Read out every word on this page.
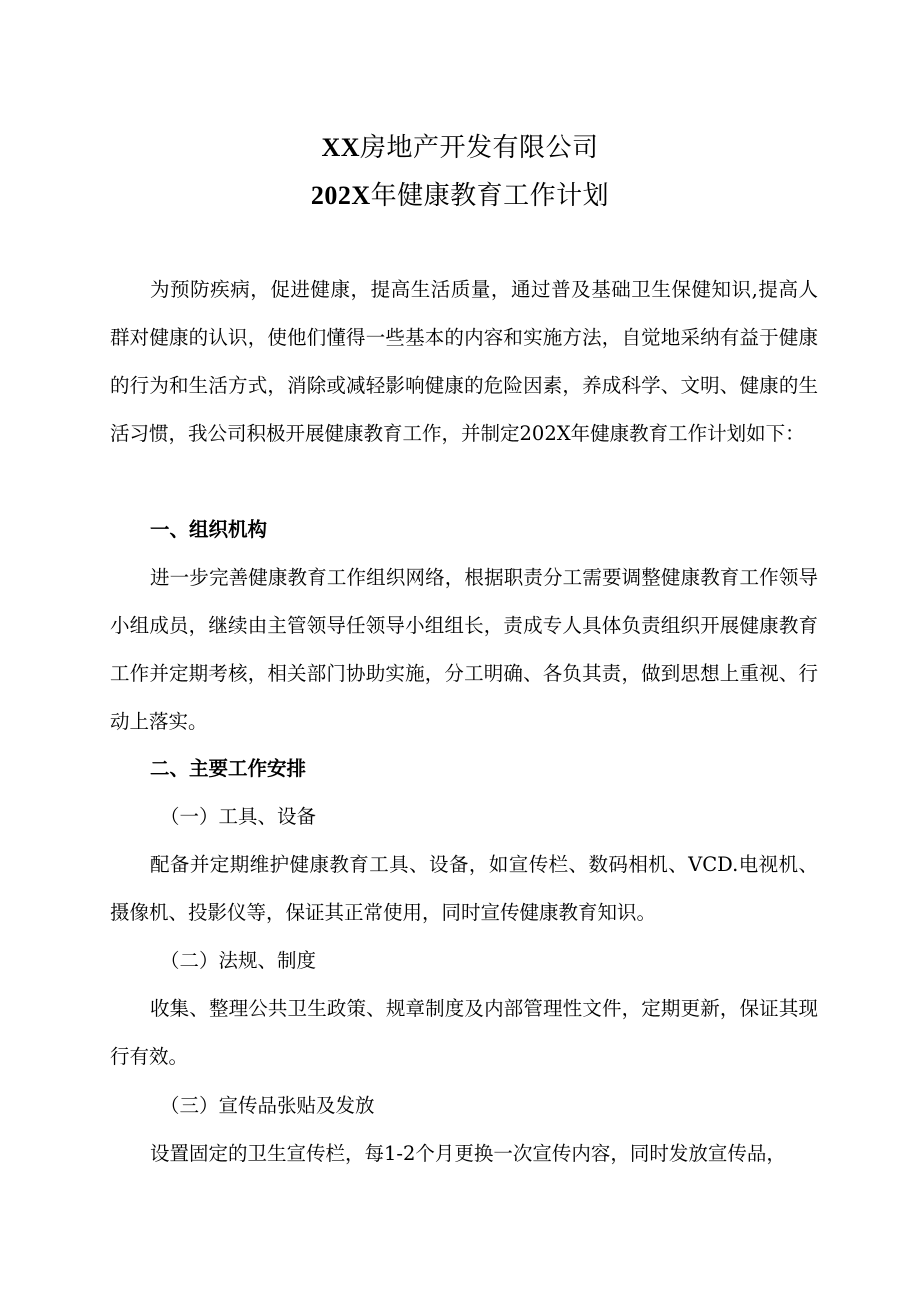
XX房地产开发有限公司
202X年健康教育工作计划

为预防疾病，促进健康，提高生活质量，通过普及基础卫生保健知识,提高人群对健康的认识，使他们懂得一些基本的内容和实施方法，自觉地采纳有益于健康的行为和生活方式，消除或减轻影响健康的危险因素，养成科学、文明、健康的生活习惯，我公司积极开展健康教育工作，并制定202X年健康教育工作计划如下：

一、组织机构

进一步完善健康教育工作组织网络，根据职责分工需要调整健康教育工作领导小组成员，继续由主管领导任领导小组组长，责成专人具体负责组织开展健康教育工作并定期考核，相关部门协助实施，分工明确、各负其责，做到思想上重视、行动上落实。

二、主要工作安排

（一）工具、设备

配备并定期维护健康教育工具、设备，如宣传栏、数码相机、VCD.电视机、摄像机、投影仪等，保证其正常使用，同时宣传健康教育知识。

（二）法规、制度

收集、整理公共卫生政策、规章制度及内部管理性文件，定期更新，保证其现行有效。

（三）宣传品张贴及发放

设置固定的卫生宣传栏，每1-2个月更换一次宣传内容，同时发放宣传品，
